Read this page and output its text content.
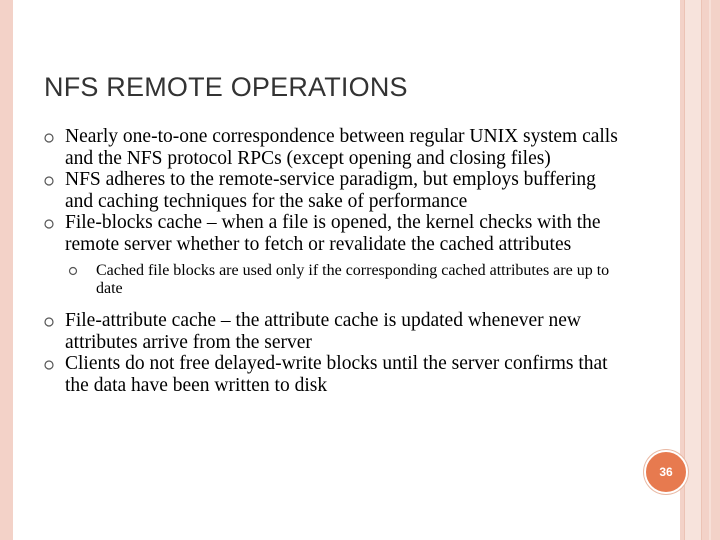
NFS REMOTE OPERATIONS
Nearly one-to-one correspondence between regular UNIX system calls and the NFS protocol RPCs (except opening and closing files)
NFS adheres to the remote-service paradigm, but employs buffering and caching techniques for the sake of performance
File-blocks cache – when a file is opened, the kernel checks with the remote server whether to fetch or revalidate the cached attributes
Cached file blocks are used only if the corresponding cached attributes are up to date
File-attribute cache – the attribute cache is updated whenever new attributes arrive from the server
Clients do not free delayed-write blocks until the server confirms that the data have been written to disk
36
